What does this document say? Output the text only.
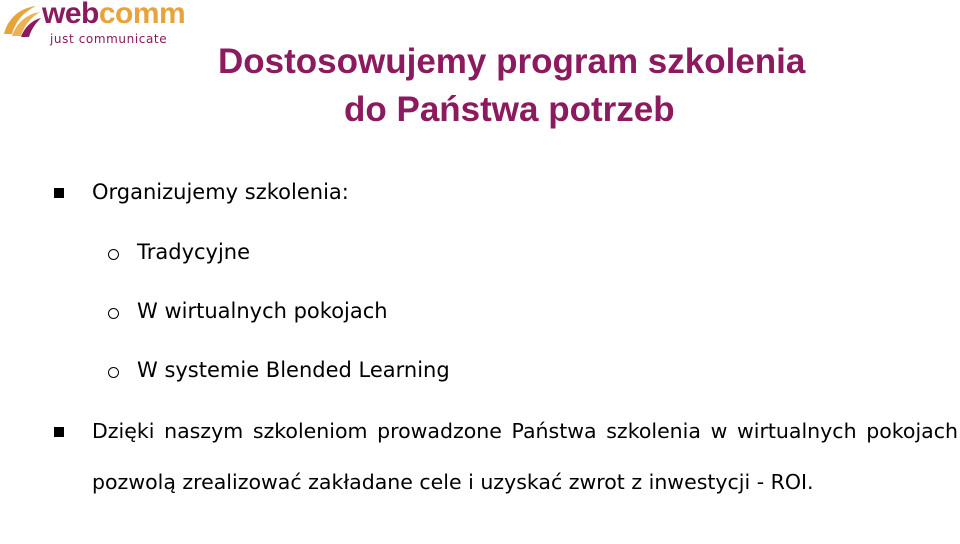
webcomm
just communicate
Dostosowujemy program szkolenia
do Państwa potrzeb
Organizujemy szkolenia:
Tradycyjne
W wirtualnych pokojach
W systemie Blended Learning
Dzięki naszym szkoleniom prowadzone Państwa szkolenia w wirtualnych pokojach pozwolą zrealizować zakładane cele i uzyskać zwrot z inwestycji - ROI.
